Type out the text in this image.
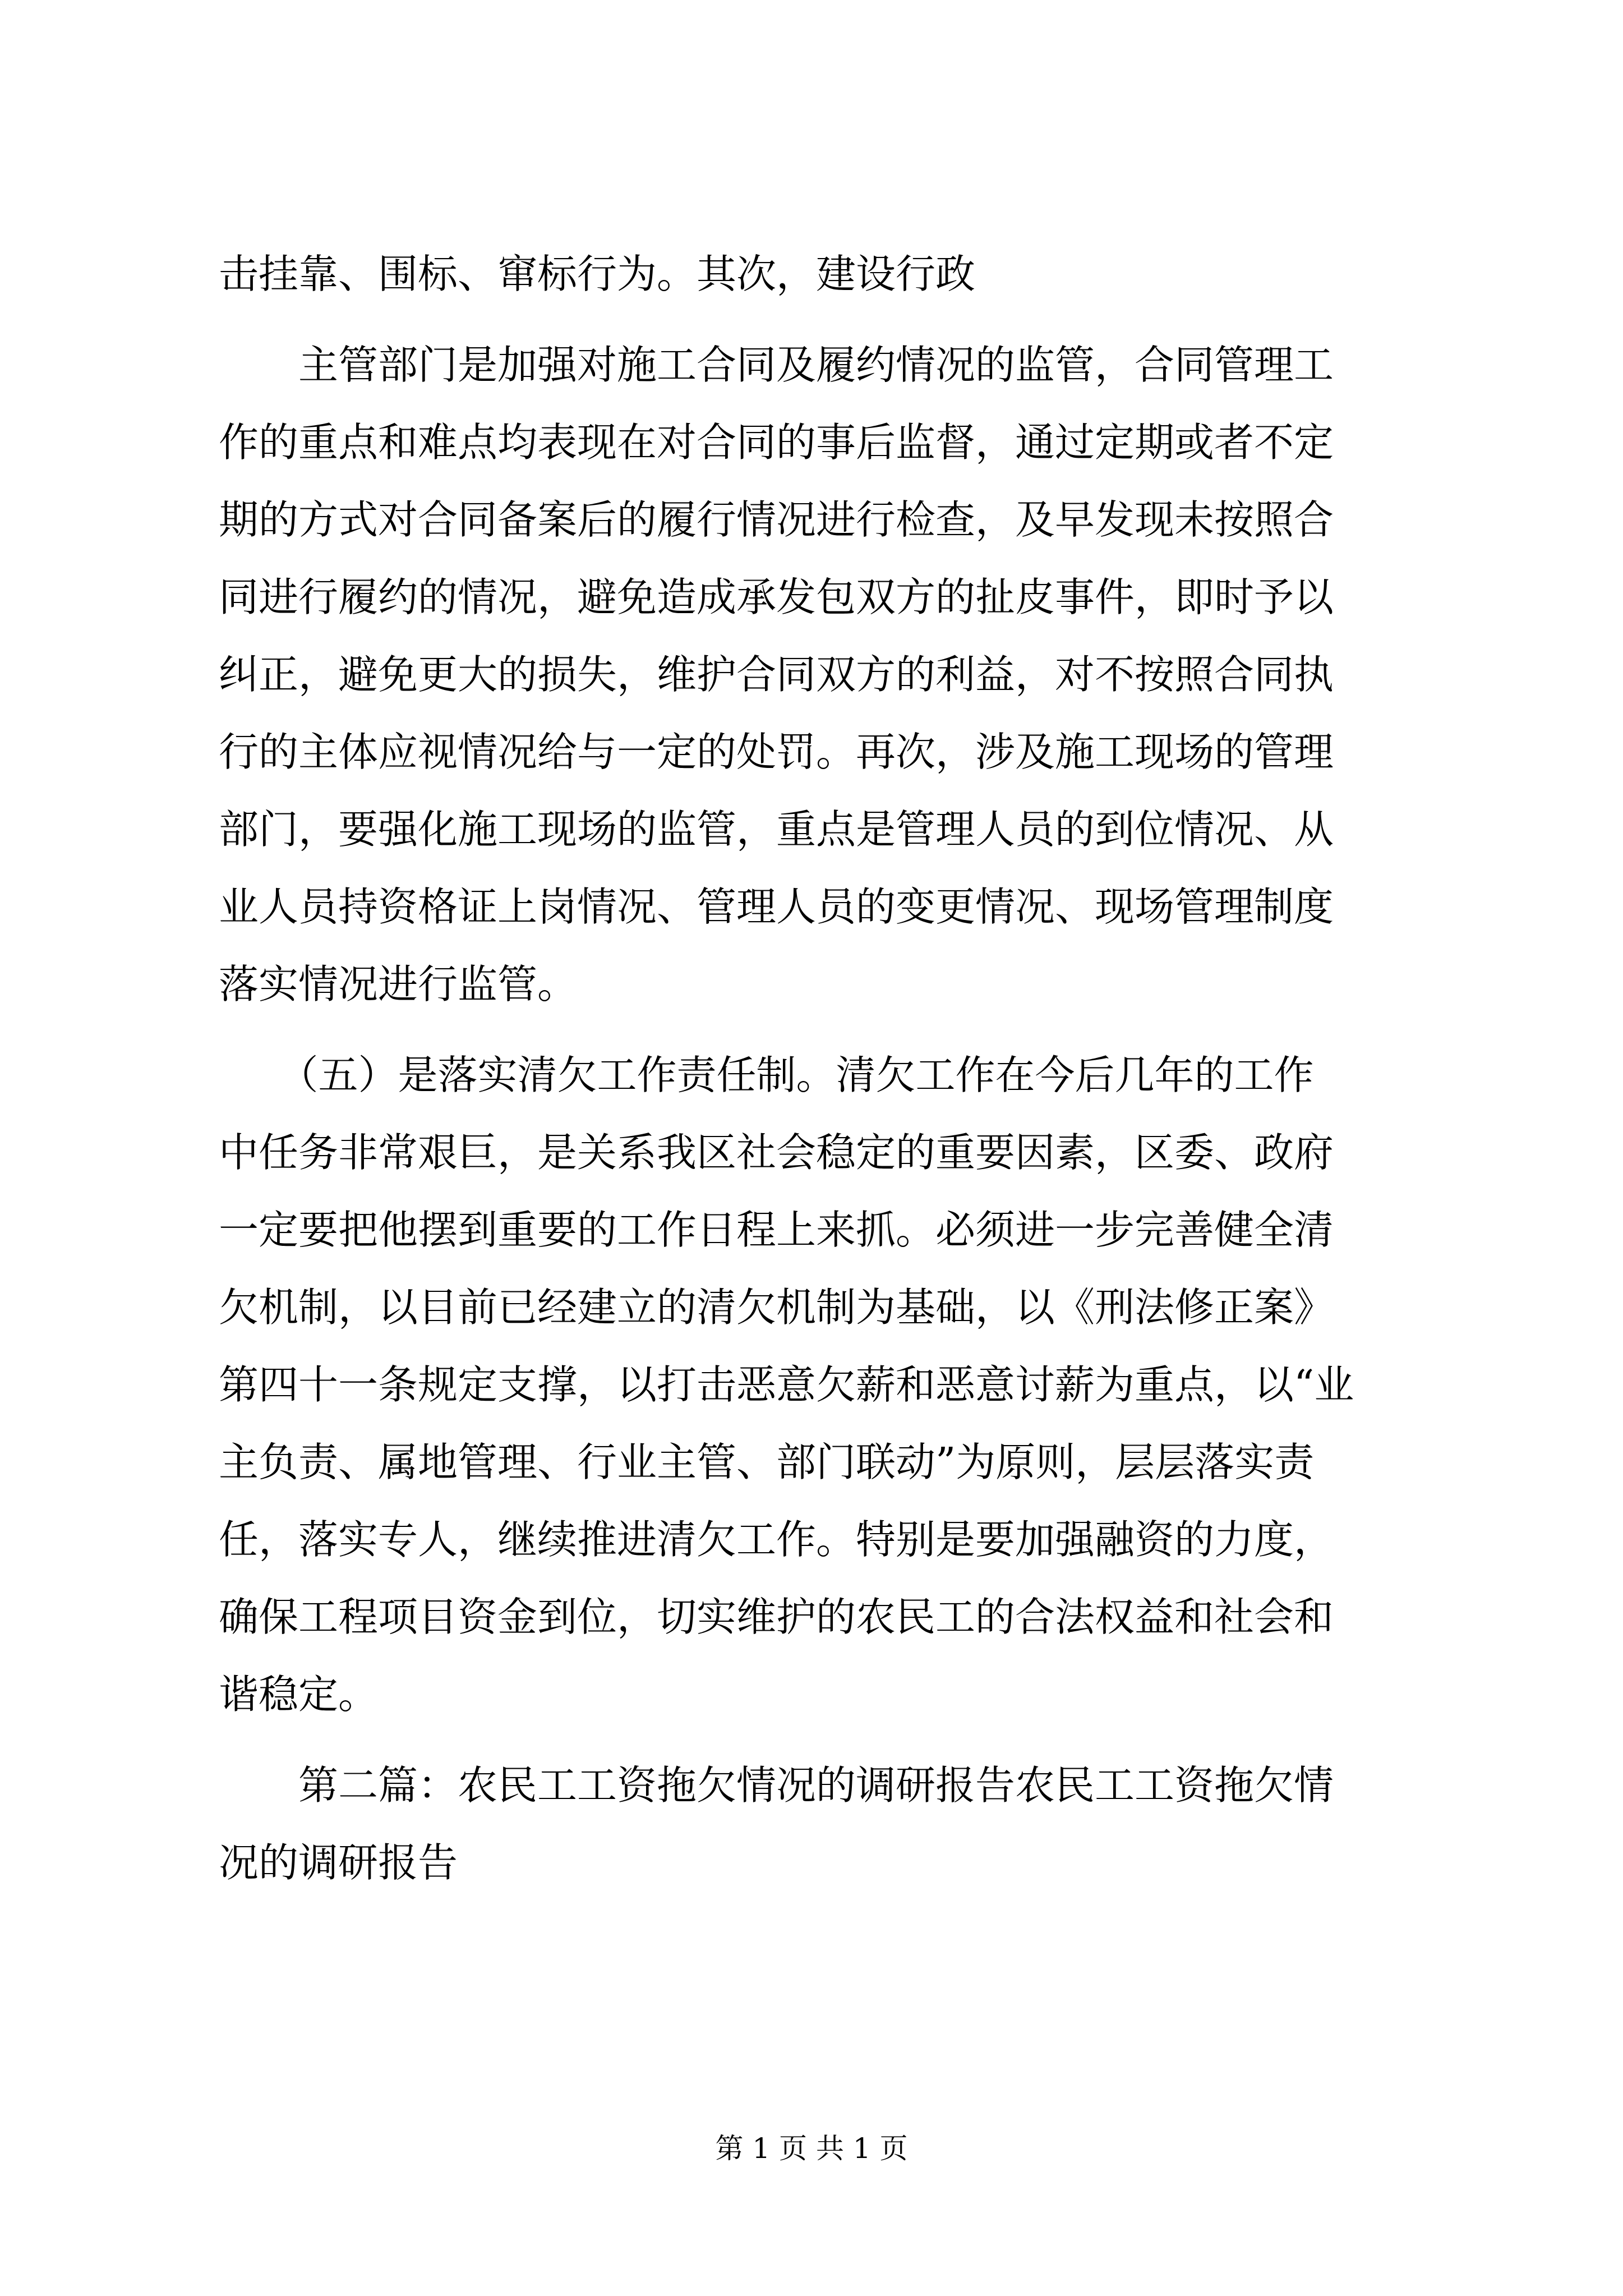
击挂靠、围标、窜标行为。其次，建设行政
　　主管部门是加强对施工合同及履约情况的监管，合同管理工
作的重点和难点均表现在对合同的事后监督，通过定期或者不定
期的方式对合同备案后的履行情况进行检查，及早发现未按照合
同进行履约的情况，避免造成承发包双方的扯皮事件，即时予以
纠正，避免更大的损失，维护合同双方的利益，对不按照合同执
行的主体应视情况给与一定的处罚。再次，涉及施工现场的管理
部门，要强化施工现场的监管，重点是管理人员的到位情况、从
业人员持资格证上岗情况、管理人员的变更情况、现场管理制度
落实情况进行监管。
　　（五）是落实清欠工作责任制。清欠工作在今后几年的工作
中任务非常艰巨，是关系我区社会稳定的重要因素，区委、政府
一定要把他摆到重要的工作日程上来抓。必须进一步完善健全清
欠机制，以目前已经建立的清欠机制为基础，以《刑法修正案》
第四十一条规定支撑，以打击恶意欠薪和恶意讨薪为重点，以“业
主负责、属地管理、行业主管、部门联动”为原则，层层落实责
任，落实专人，继续推进清欠工作。特别是要加强融资的力度，
确保工程项目资金到位，切实维护的农民工的合法权益和社会和
谐稳定。
　　第二篇：农民工工资拖欠情况的调研报告农民工工资拖欠情
况的调研报告
第 1 页 共 1 页
